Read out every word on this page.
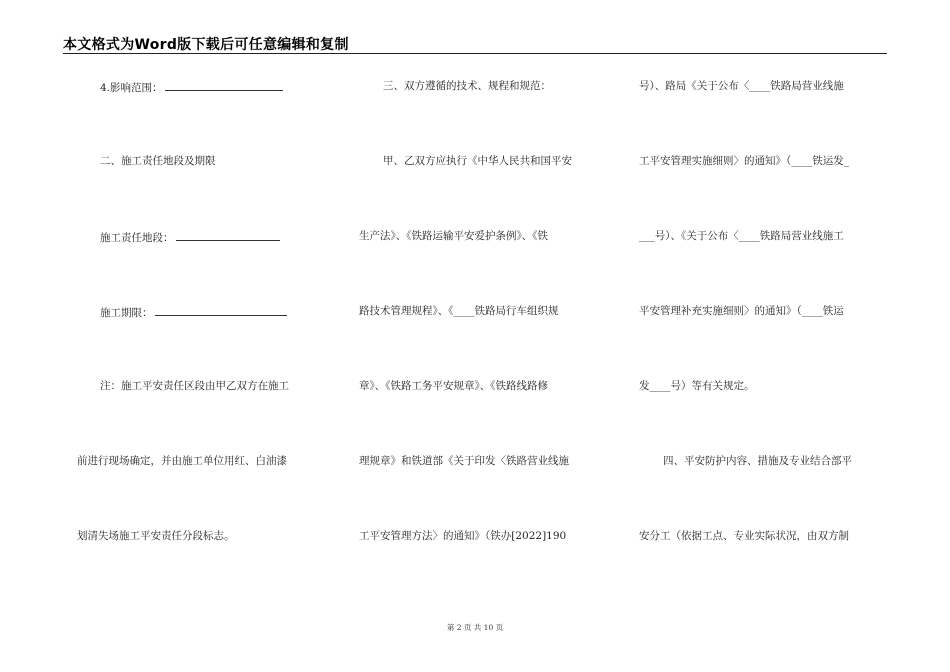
本文格式为Word版下载后可任意编辑和复制
4.影响范围：
二、施工责任地段及期限
施工责任地段：
施工期限：
注：施工平安责任区段由甲乙双方在施工
前进行现场确定，并由施工单位用红、白油漆
划清失场施工平安责任分段标志。
三、双方遵循的技术、规程和规范：
甲、乙双方应执行《中华人民共和国平安
生产法》、《铁路运输平安爱护条例》、《铁
路技术管理规程》、《____铁路局行车组织规
章》、《铁路工务平安规章》、《铁路线路修
理规章》和铁道部《关于印发〈铁路营业线施
工平安管理方法〉的通知》（铁办[2022]190
号）、路局《关于公布〈____铁路局营业线施
工平安管理实施细则〉的通知》（____铁运发_
___号）、《关于公布〈____铁路局营业线施工
平安管理补充实施细则〉的通知》（____铁运
发____号）等有关规定。
四、平安防护内容、措施及专业结合部平
安分工（依据工点、专业实际状况，由双方制
第 2 页 共 10 页
